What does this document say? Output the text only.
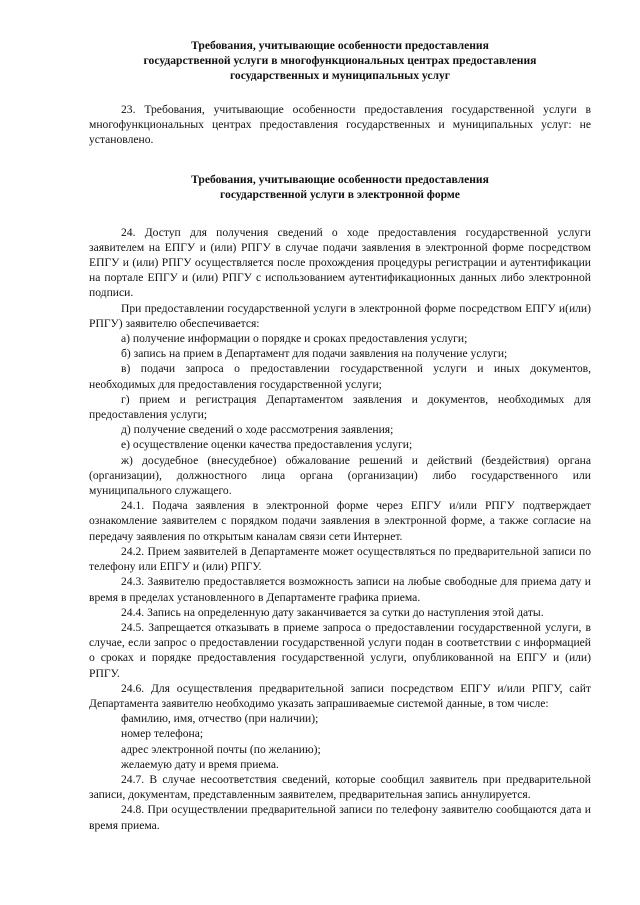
Требования, учитывающие особенности предоставления
государственной услуги в многофункциональных центрах предоставления
государственных и муниципальных услуг

23. Требования, учитывающие особенности предоставления государственной услуги в многофункциональных центрах предоставления государственных и муниципальных услуг: не установлено.

Требования, учитывающие особенности предоставления
государственной услуги в электронной форме

24. Доступ для получения сведений о ходе предоставления государственной услуги заявителем на ЕПГУ и (или) РПГУ в случае подачи заявления в электронной форме посредством ЕПГУ и (или) РПГУ осуществляется после прохождения процедуры регистрации и аутентификации на портале ЕПГУ и (или) РПГУ с использованием аутентификационных данных либо электронной подписи.

При предоставлении государственной услуги в электронной форме посредством ЕПГУ и(или) РПГУ) заявителю обеспечивается:

а) получение информации о порядке и сроках предоставления услуги;

б) запись на прием в Департамент для подачи заявления на получение услуги;

в) подачи запроса о предоставлении государственной услуги и иных документов, необходимых для предоставления государственной услуги;

г) прием и регистрация Департаментом заявления и документов, необходимых для предоставления услуги;

д) получение сведений о ходе рассмотрения заявления;

е) осуществление оценки качества предоставления услуги;

ж) досудебное (внесудебное) обжалование решений и действий (бездействия) органа (организации), должностного лица органа (организации) либо государственного или муниципального служащего.

24.1. Подача заявления в электронной форме через ЕПГУ и/или РПГУ подтверждает ознакомление заявителем с порядком подачи заявления в электронной форме, а также согласие на передачу заявления по открытым каналам связи сети Интернет.

24.2. Прием заявителей в Департаменте может осуществляться по предварительной записи по телефону или ЕПГУ и (или) РПГУ.

24.3. Заявителю предоставляется возможность записи на любые свободные для приема дату и время в пределах установленного в Департаменте графика приема.

24.4. Запись на определенную дату заканчивается за сутки до наступления этой даты.

24.5. Запрещается отказывать в приеме запроса о предоставлении государственной услуги, в случае, если запрос о предоставлении государственной услуги подан в соответствии с информацией о сроках и порядке предоставления государственной услуги, опубликованной на ЕПГУ и (или) РПГУ.

24.6. Для осуществления предварительной записи посредством ЕПГУ и/или РПГУ, сайт Департамента заявителю необходимо указать запрашиваемые системой данные, в том числе:

фамилию, имя, отчество (при наличии);

номер телефона;

адрес электронной почты (по желанию);

желаемую дату и время приема.

24.7. В случае несоответствия сведений, которые сообщил заявитель при предварительной записи, документам, представленным заявителем, предварительная запись аннулируется.

24.8. При осуществлении предварительной записи по телефону заявителю сообщаются дата и время приема.
